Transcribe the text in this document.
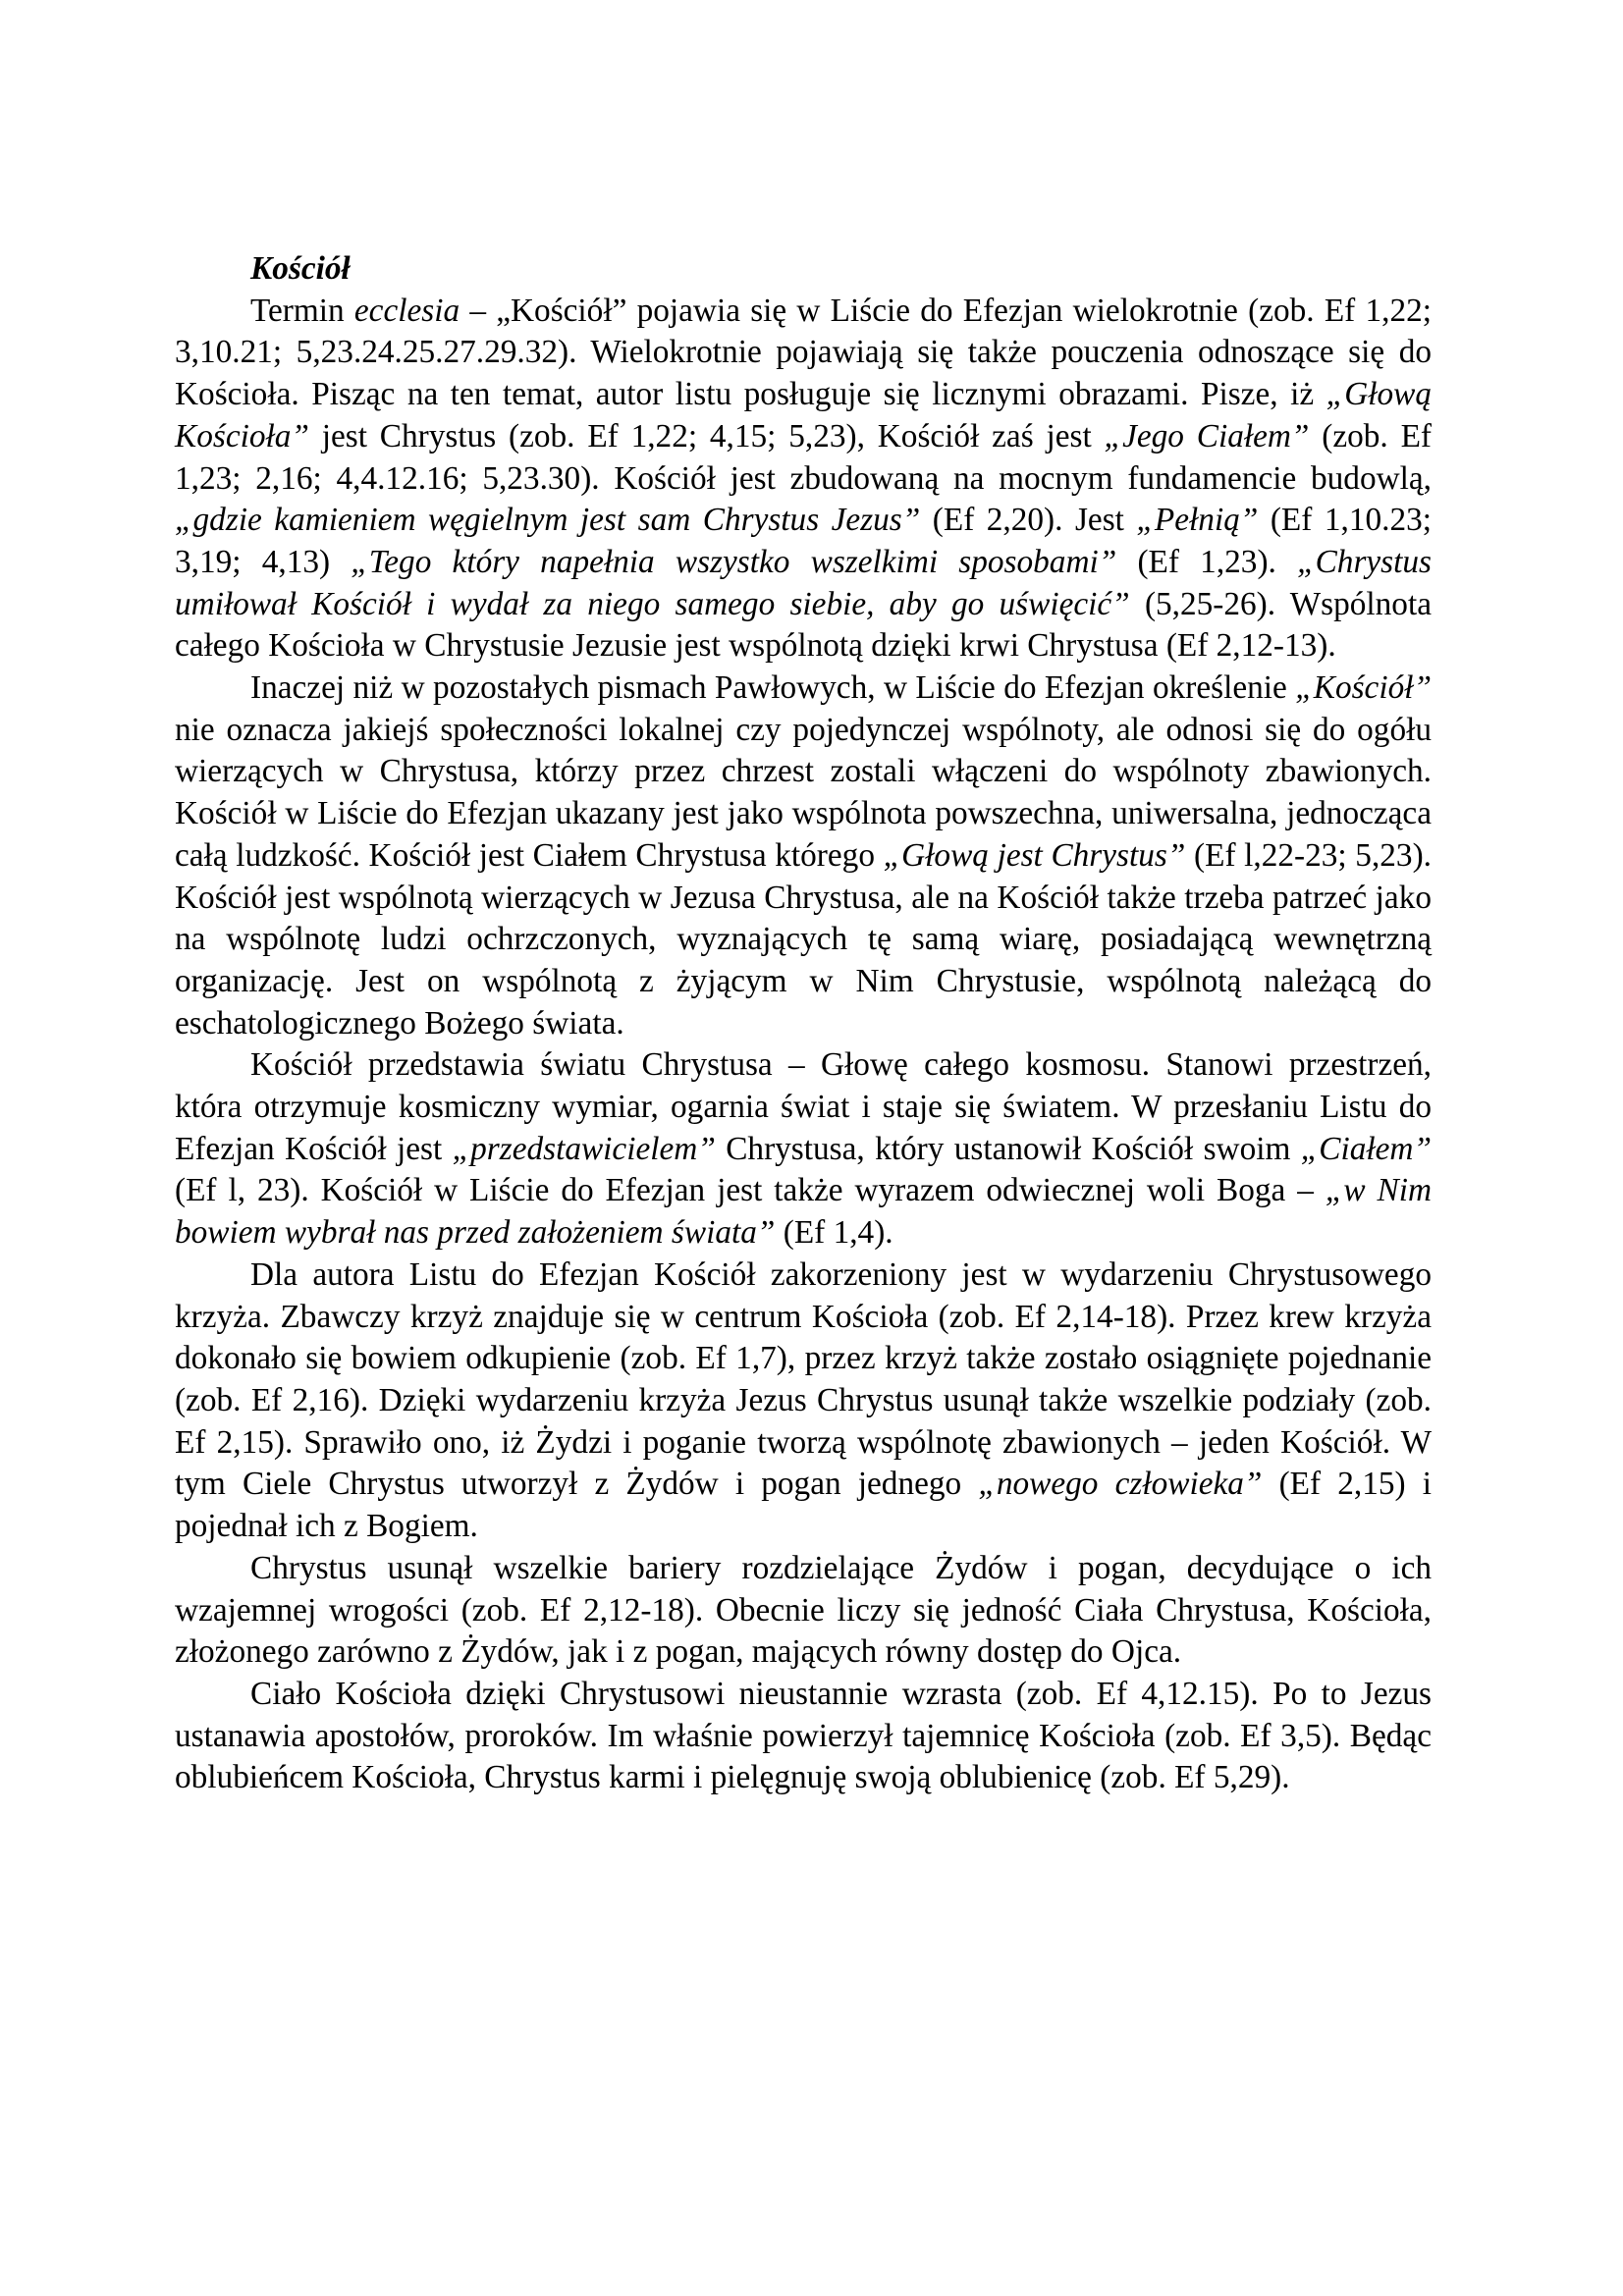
Kościół

Termin ecclesia – „Kościół” pojawia się w Liście do Efezjan wielokrotnie (zob. Ef 1,22; 3,10.21; 5,23.24.25.27.29.32). Wielokrotnie pojawiają się także pouczenia odnoszące się do Kościoła. Pisząc na ten temat, autor listu posługuje się licznymi obrazami. Pisze, iż „Głową Kościoła” jest Chrystus (zob. Ef 1,22; 4,15; 5,23), Kościół zaś jest „Jego Ciałem” (zob. Ef 1,23; 2,16; 4,4.12.16; 5,23.30). Kościół jest zbudowaną na mocnym fundamencie budowlą, „gdzie kamieniem węgielnym jest sam Chrystus Jezus” (Ef 2,20). Jest „Pełnią” (Ef 1,10.23; 3,19; 4,13) „Tego który napełnia wszystko wszelkimi sposobami” (Ef 1,23). „Chrystus umiłował Kościół i wydał za niego samego siebie, aby go uświęcić” (5,25-26). Wspólnota całego Kościoła w Chrystusie Jezusie jest wspólnotą dzięki krwi Chrystusa (Ef 2,12-13).

Inaczej niż w pozostałych pismach Pawłowych, w Liście do Efezjan określenie „Kościół” nie oznacza jakiejś społeczności lokalnej czy pojedynczej wspólnoty, ale odnosi się do ogółu wierzących w Chrystusa, którzy przez chrzest zostali włączeni do wspólnoty zbawionych. Kościół w Liście do Efezjan ukazany jest jako wspólnota powszechna, uniwersalna, jednocząca całą ludzkość. Kościół jest Ciałem Chrystusa którego „Głową jest Chrystus” (Ef l,22-23; 5,23). Kościół jest wspólnotą wierzących w Jezusa Chrystusa, ale na Kościół także trzeba patrzeć jako na wspólnotę ludzi ochrzczonych, wyznających tę samą wiarę, posiadającą wewnętrzną organizację. Jest on wspólnotą z żyjącym w Nim Chrystusie, wspólnotą należącą do eschatologicznego Bożego świata.

Kościół przedstawia światu Chrystusa – Głowę całego kosmosu. Stanowi przestrzeń, która otrzymuje kosmiczny wymiar, ogarnia świat i staje się światem. W przesłaniu Listu do Efezjan Kościół jest „przedstawicielem” Chrystusa, który ustanowił Kościół swoim „Ciałem” (Ef l, 23). Kościół w Liście do Efezjan jest także wyrazem odwiecznej woli Boga – „w Nim bowiem wybrał nas przed założeniem świata” (Ef 1,4).

Dla autora Listu do Efezjan Kościół zakorzeniony jest w wydarzeniu Chrystusowego krzyża. Zbawczy krzyż znajduje się w centrum Kościoła (zob. Ef 2,14-18). Przez krew krzyża dokonało się bowiem odkupienie (zob. Ef 1,7), przez krzyż także zostało osiągnięte pojednanie (zob. Ef 2,16). Dzięki wydarzeniu krzyża Jezus Chrystus usunął także wszelkie podziały (zob. Ef 2,15). Sprawiło ono, iż Żydzi i poganie tworzą wspólnotę zbawionych – jeden Kościół. W tym Ciele Chrystus utworzył z Żydów i pogan jednego „nowego człowieka” (Ef 2,15) i pojednał ich z Bogiem.

Chrystus usunął wszelkie bariery rozdzielające Żydów i pogan, decydujące o ich wzajemnej wrogości (zob. Ef 2,12-18). Obecnie liczy się jedność Ciała Chrystusa, Kościoła, złożonego zarówno z Żydów, jak i z pogan, mających równy dostęp do Ojca.

Ciało Kościoła dzięki Chrystusowi nieustannie wzrasta (zob. Ef 4,12.15). Po to Jezus ustanawia apostołów, proroków. Im właśnie powierzył tajemnicę Kościoła (zob. Ef 3,5). Będąc oblubieńcem Kościoła, Chrystus karmi i pielęgnuję swoją oblubienicę (zob. Ef 5,29).
